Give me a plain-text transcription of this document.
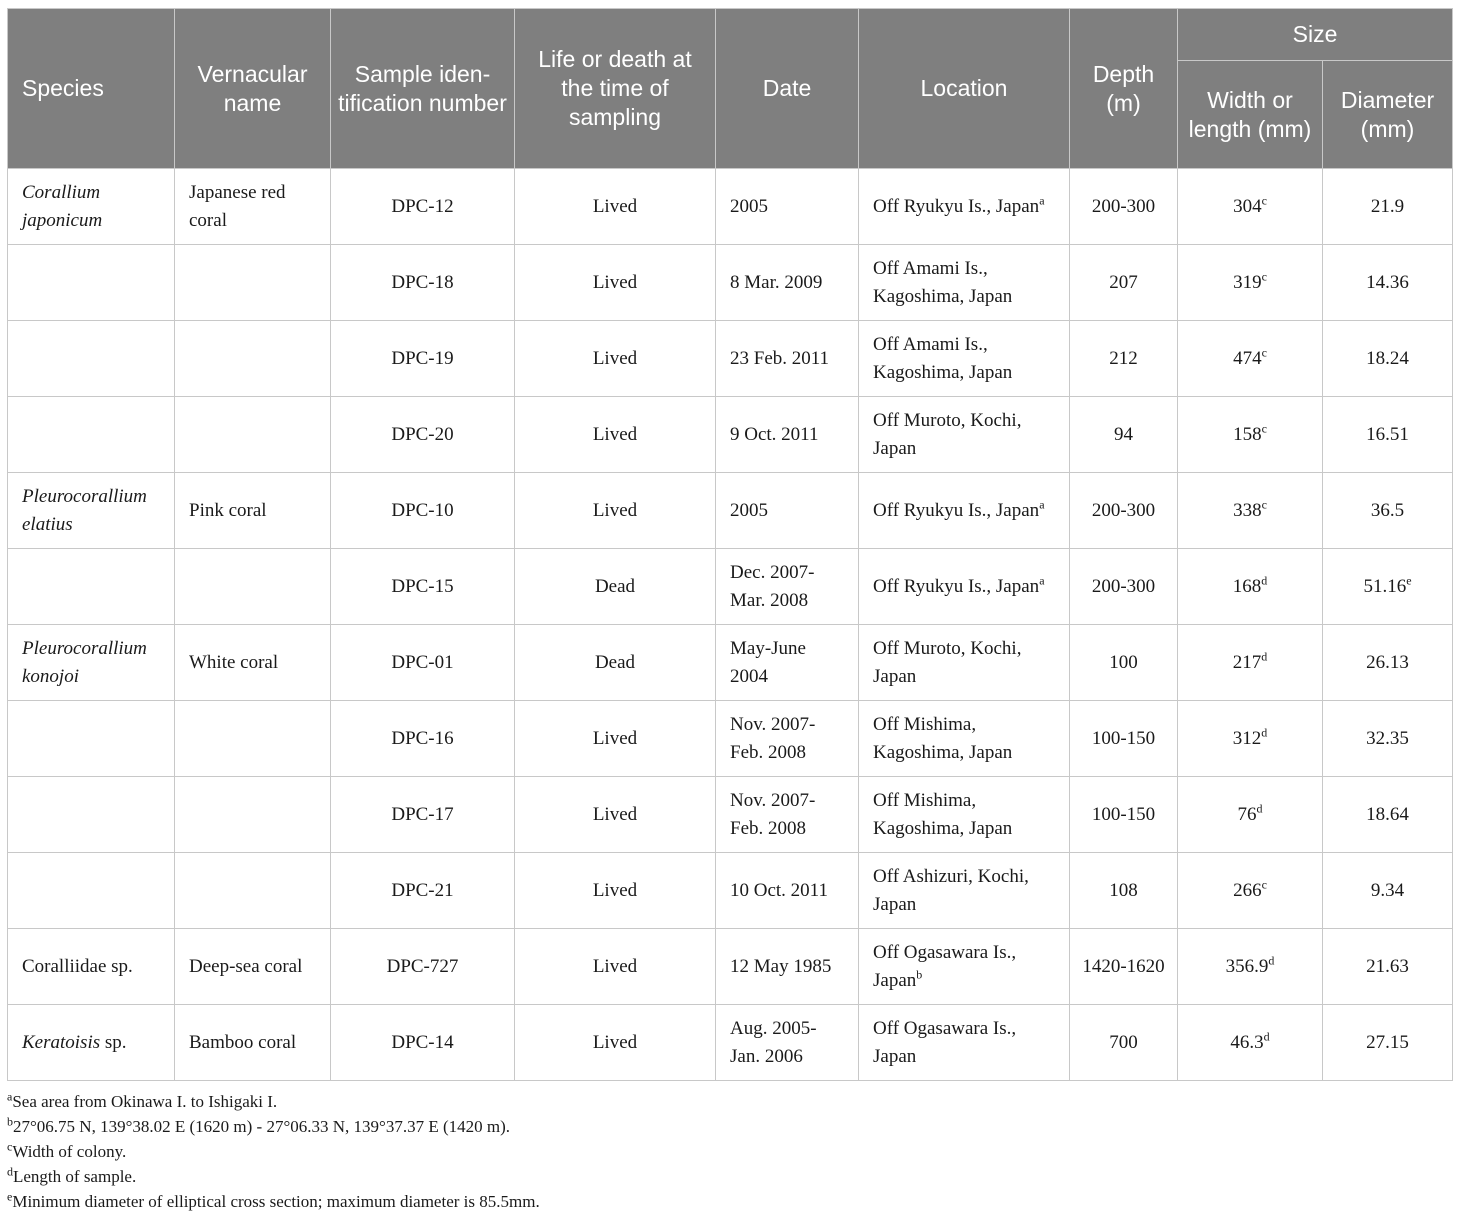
Species	Vernacular name	Sample iden-tification number	Life or death at the time of sampling	Date	Location	Depth (m)	Size	
							Width or length (mm)	Diameter (mm)
Corallium japonicum	Japanese red coral	DPC-12	Lived	2005	Off Ryukyu Is., Japan$^a$	200-300	304$^c$	21.9
		DPC-18	Lived	8 Mar. 2009	Off Amami Is., Kagoshima, Japan	207	319$^c$	14.36
		DPC-19	Lived	23 Feb. 2011	Off Amami Is., Kagoshima, Japan	212	474$^c$	18.24
		DPC-20	Lived	9 Oct. 2011	Off Muroto, Kochi, Japan	94	158$^c$	16.51
Pleurocorallium elatius	Pink coral	DPC-10	Lived	2005	Off Ryukyu Is., Japan$^a$	200-300	338$^c$	36.5
		DPC-15	Dead	Dec. 2007-Mar. 2008	Off Ryukyu Is., Japan$^a$	200-300	168$^d$	51.16e
Pleurocorallium konojoi	White coral	DPC-01	Dead	May-June 2004	Off Muroto, Kochi, Japan	100	217$^d$	26.13
		DPC-16	Lived	Nov. 2007-Feb. 2008	Off Mishima, Kagoshima, Japan	100-150	312$^d$	32.35
		DPC-17	Lived	Nov. 2007-Feb. 2008	Off Mishima, Kagoshima, Japan	100-150	76$^d$	18.64
		DPC-21	Lived	10 Oct. 2011	Off Ashizuri, Kochi, Japan	108	266$^c$	9.34
Coralliidae sp.	Deep-sea coral	DPC-727	Lived	12 May 1985	Off Ogasawara Is., Japan$^b$	1420-1620	356.9$^d$	21.63
Keratoisis sp.	Bamboo coral	DPC-14	Lived	Aug. 2005-Jan. 2006	Off Ogasawara Is., Japan	700	46.3$^d$	27.15
$^a$Sea area from Okinawa I. to Ishigaki I.
$^b$27°06.75 N, 139°38.02 E (1620 m) - 27°06.33 N, 139°37.37 E (1420 m).
$^c$Width of colony.
$^d$Length of sample.
$^e$Minimum diameter of elliptical cross section; maximum diameter is 85.5mm.
